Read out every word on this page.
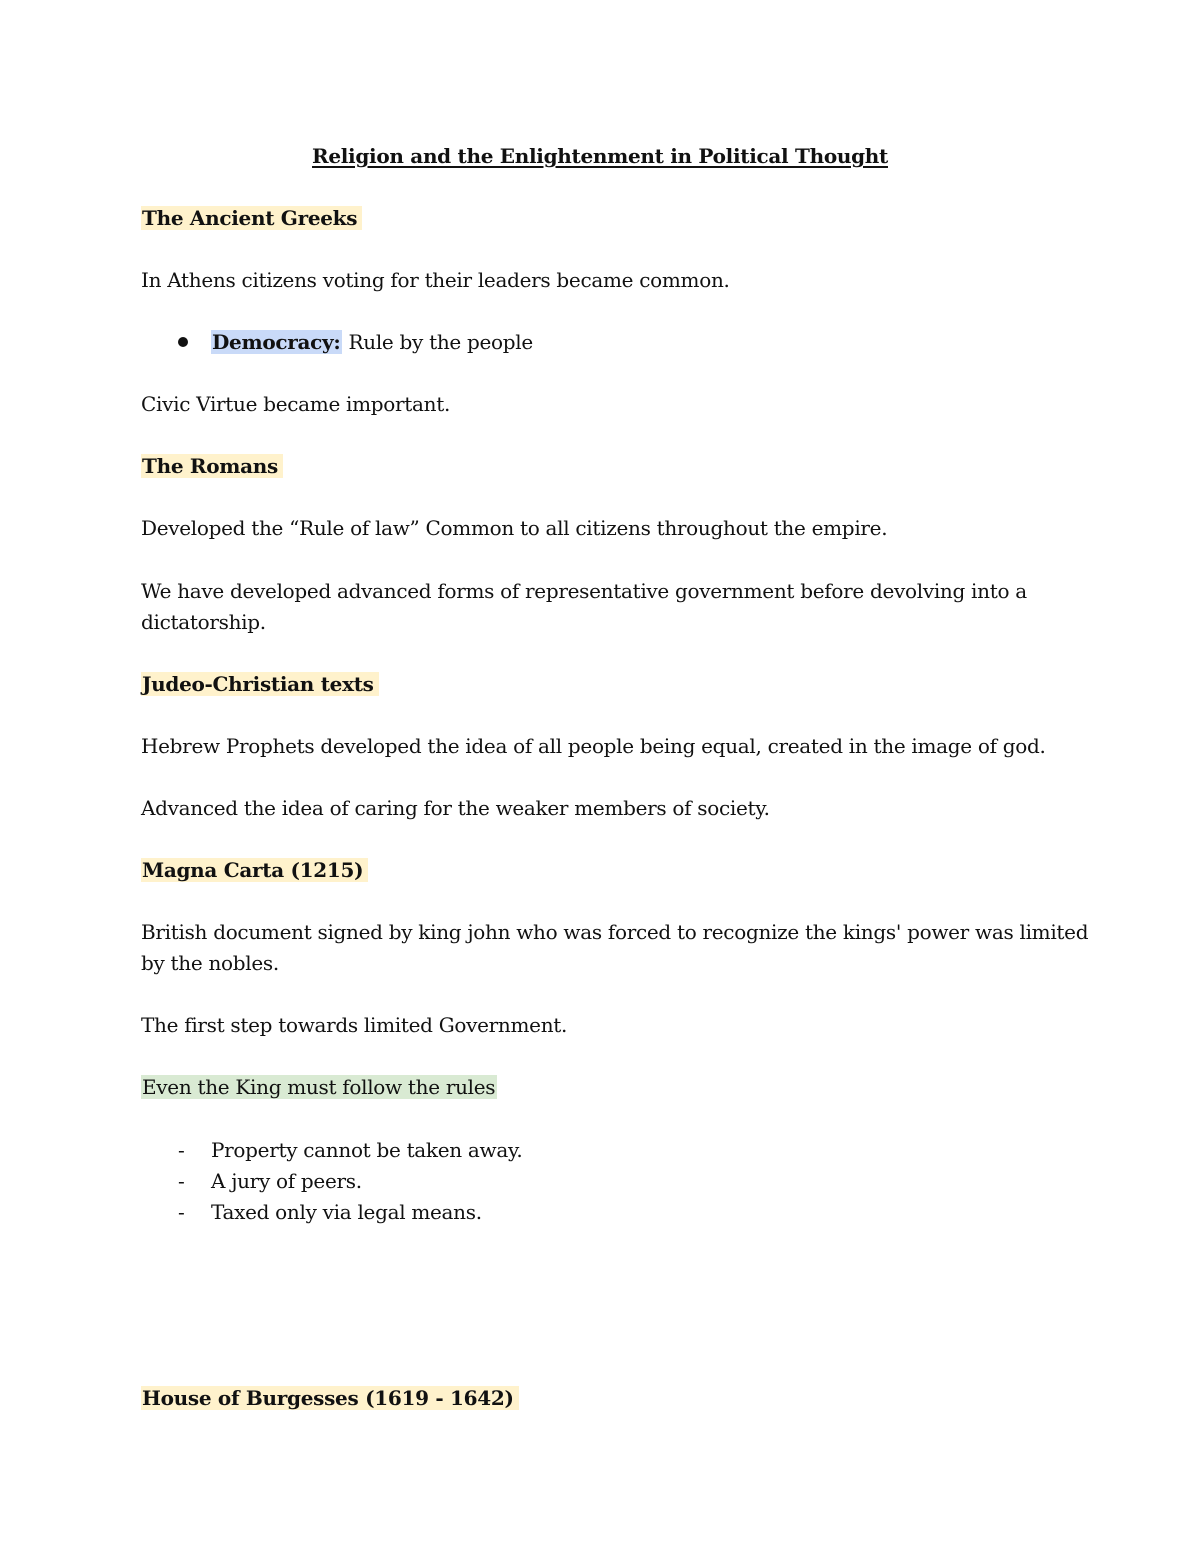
Religion and the Enlightenment in Political Thought
The Ancient Greeks
In Athens citizens voting for their leaders became common.
Democracy: Rule by the people
Civic Virtue became important.
The Romans
Developed the “Rule of law” Common to all citizens throughout the empire.
We have developed advanced forms of representative government before devolving into a
dictatorship.
Judeo-Christian texts
Hebrew Prophets developed the idea of all people being equal, created in the image of god.
Advanced the idea of caring for the weaker members of society.
Magna Carta (1215)
British document signed by king john who was forced to recognize the kings' power was limited
by the nobles.
The first step towards limited Government.
Even the King must follow the rules
- Property cannot be taken away.
- A jury of peers.
- Taxed only via legal means.
House of Burgesses (1619 - 1642)
